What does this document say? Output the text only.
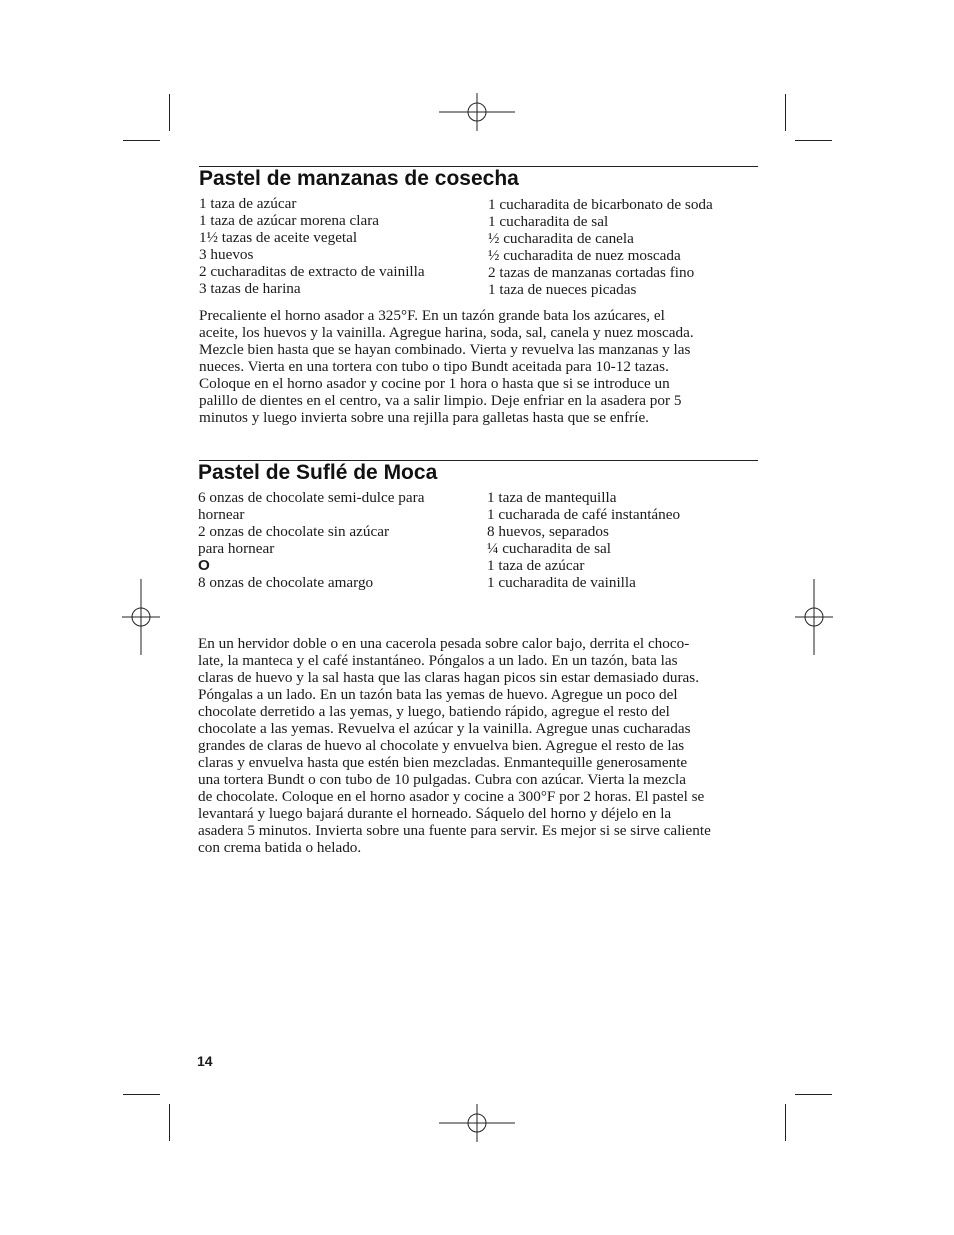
Pastel de manzanas de cosecha
1 taza de azúcar
1 taza de azúcar morena clara
1½ tazas de aceite vegetal
3 huevos
2 cucharaditas de extracto de vainilla
3 tazas de harina
1 cucharadita de bicarbonato de soda
1 cucharadita de sal
½ cucharadita de canela
½ cucharadita de nuez moscada
2 tazas de manzanas cortadas fino
1 taza de nueces picadas

Precaliente el horno asador a 325°F. En un tazón grande bata los azúcares, el
aceite, los huevos y la vainilla. Agregue harina, soda, sal, canela y nuez moscada.
Mezcle bien hasta que se hayan combinado. Vierta y revuelva las manzanas y las
nueces. Vierta en una tortera con tubo o tipo Bundt aceitada para 10-12 tazas.
Coloque en el horno asador y cocine por 1 hora o hasta que si se introduce un
palillo de dientes en el centro, va a salir limpio. Deje enfriar en la asadera por 5
minutos y luego invierta sobre una rejilla para galletas hasta que se enfríe.

Pastel de Suflé de Moca
6 onzas de chocolate semi-dulce para
hornear
2 onzas de chocolate sin azúcar
para hornear
O
8 onzas de chocolate amargo
1 taza de mantequilla
1 cucharada de café instantáneo
8 huevos, separados
¼ cucharadita de sal
1 taza de azúcar
1 cucharadita de vainilla

En un hervidor doble o en una cacerola pesada sobre calor bajo, derrita el choco-
late, la manteca y el café instantáneo. Póngalos a un lado. En un tazón, bata las
claras de huevo y la sal hasta que las claras hagan picos sin estar demasiado duras.
Póngalas a un lado. En un tazón bata las yemas de huevo. Agregue un poco del
chocolate derretido a las yemas, y luego, batiendo rápido, agregue el resto del
chocolate a las yemas. Revuelva el azúcar y la vainilla. Agregue unas cucharadas
grandes de claras de huevo al chocolate y envuelva bien. Agregue el resto de las
claras y envuelva hasta que estén bien mezcladas. Enmantequille generosamente
una tortera Bundt o con tubo de 10 pulgadas. Cubra con azúcar. Vierta la mezcla
de chocolate. Coloque en el horno asador y cocine a 300°F por 2 horas. El pastel se
levantará y luego bajará durante el horneado. Sáquelo del horno y déjelo en la
asadera 5 minutos. Invierta sobre una fuente para servir. Es mejor si se sirve caliente
con crema batida o helado.

14
